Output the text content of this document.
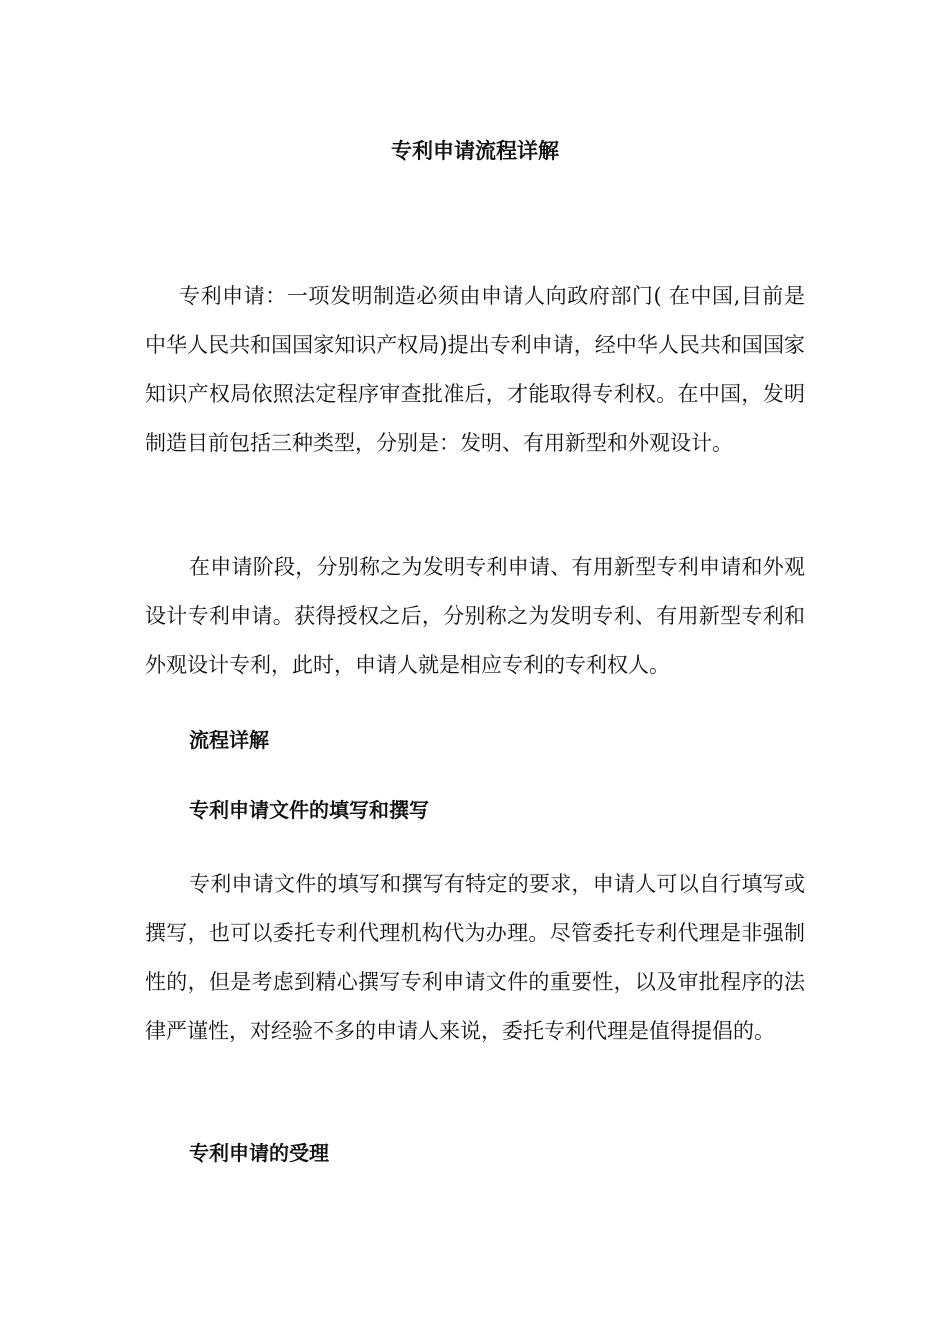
专利申请流程详解

专利申请：一项发明制造必须由申请人向政府部门( 在中国,目前是中华人民共和国国家知识产权局)提出专利申请，经中华人民共和国国家知识产权局依照法定程序审查批准后，才能取得专利权。在中国，发明制造目前包括三种类型，分别是：发明、有用新型和外观设计。

在申请阶段，分别称之为发明专利申请、有用新型专利申请和外观设计专利申请。获得授权之后，分别称之为发明专利、有用新型专利和外观设计专利，此时，申请人就是相应专利的专利权人。

流程详解
专利申请文件的填写和撰写

专利申请文件的填写和撰写有特定的要求，申请人可以自行填写或撰写，也可以委托专利代理机构代为办理。尽管委托专利代理是非强制性的，但是考虑到精心撰写专利申请文件的重要性，以及审批程序的法律严谨性，对经验不多的申请人来说，委托专利代理是值得提倡的。

专利申请的受理
